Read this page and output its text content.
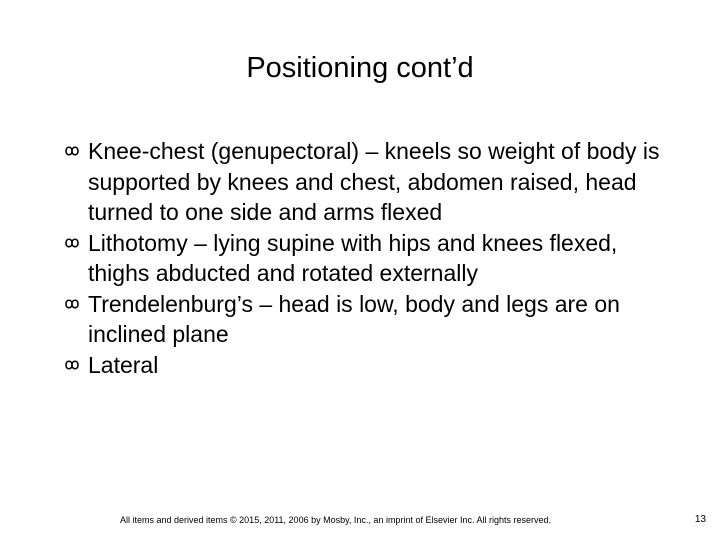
Positioning cont’d
Knee-chest (genupectoral) – kneels so weight of body is supported by knees and chest, abdomen raised, head turned to one side and arms flexed
Lithotomy – lying supine with hips and knees flexed, thighs abducted and rotated externally
Trendelenburg’s – head is low, body and legs are on inclined plane
Lateral
All items and derived items © 2015, 2011, 2006 by Mosby, Inc., an imprint of Elsevier Inc. All rights reserved.	13
